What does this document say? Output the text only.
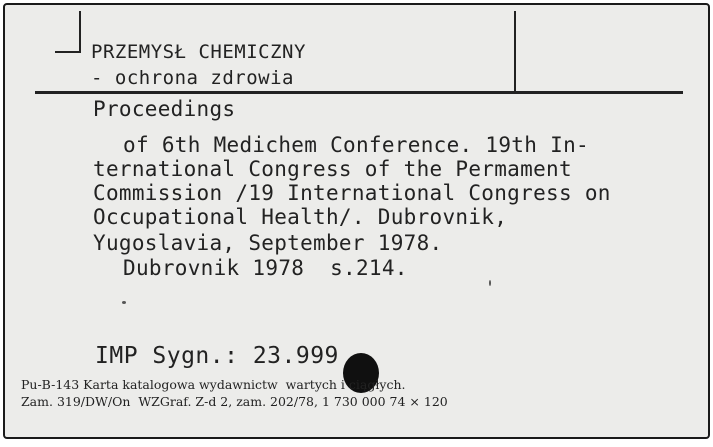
PRZEMYSŁ CHEMICZNY
- ochrona zdrowia
Proceedings
of 6th Medichem Conference. 19th In-
ternational Congress of the Permament
Commission /19 International Congress on
Occupational Health/. Dubrovnik,
Yugoslavia, September 1978.
Dubrovnik 1978  s.214.
IMP Sygn.: 23.999
Pu-B-143 Karta katalogowa wydawnictw  wartych i ciągłych.
Zam. 319/DW/On  WZGraf. Z-d 2, zam. 202/78, 1 730 000 74 × 120
